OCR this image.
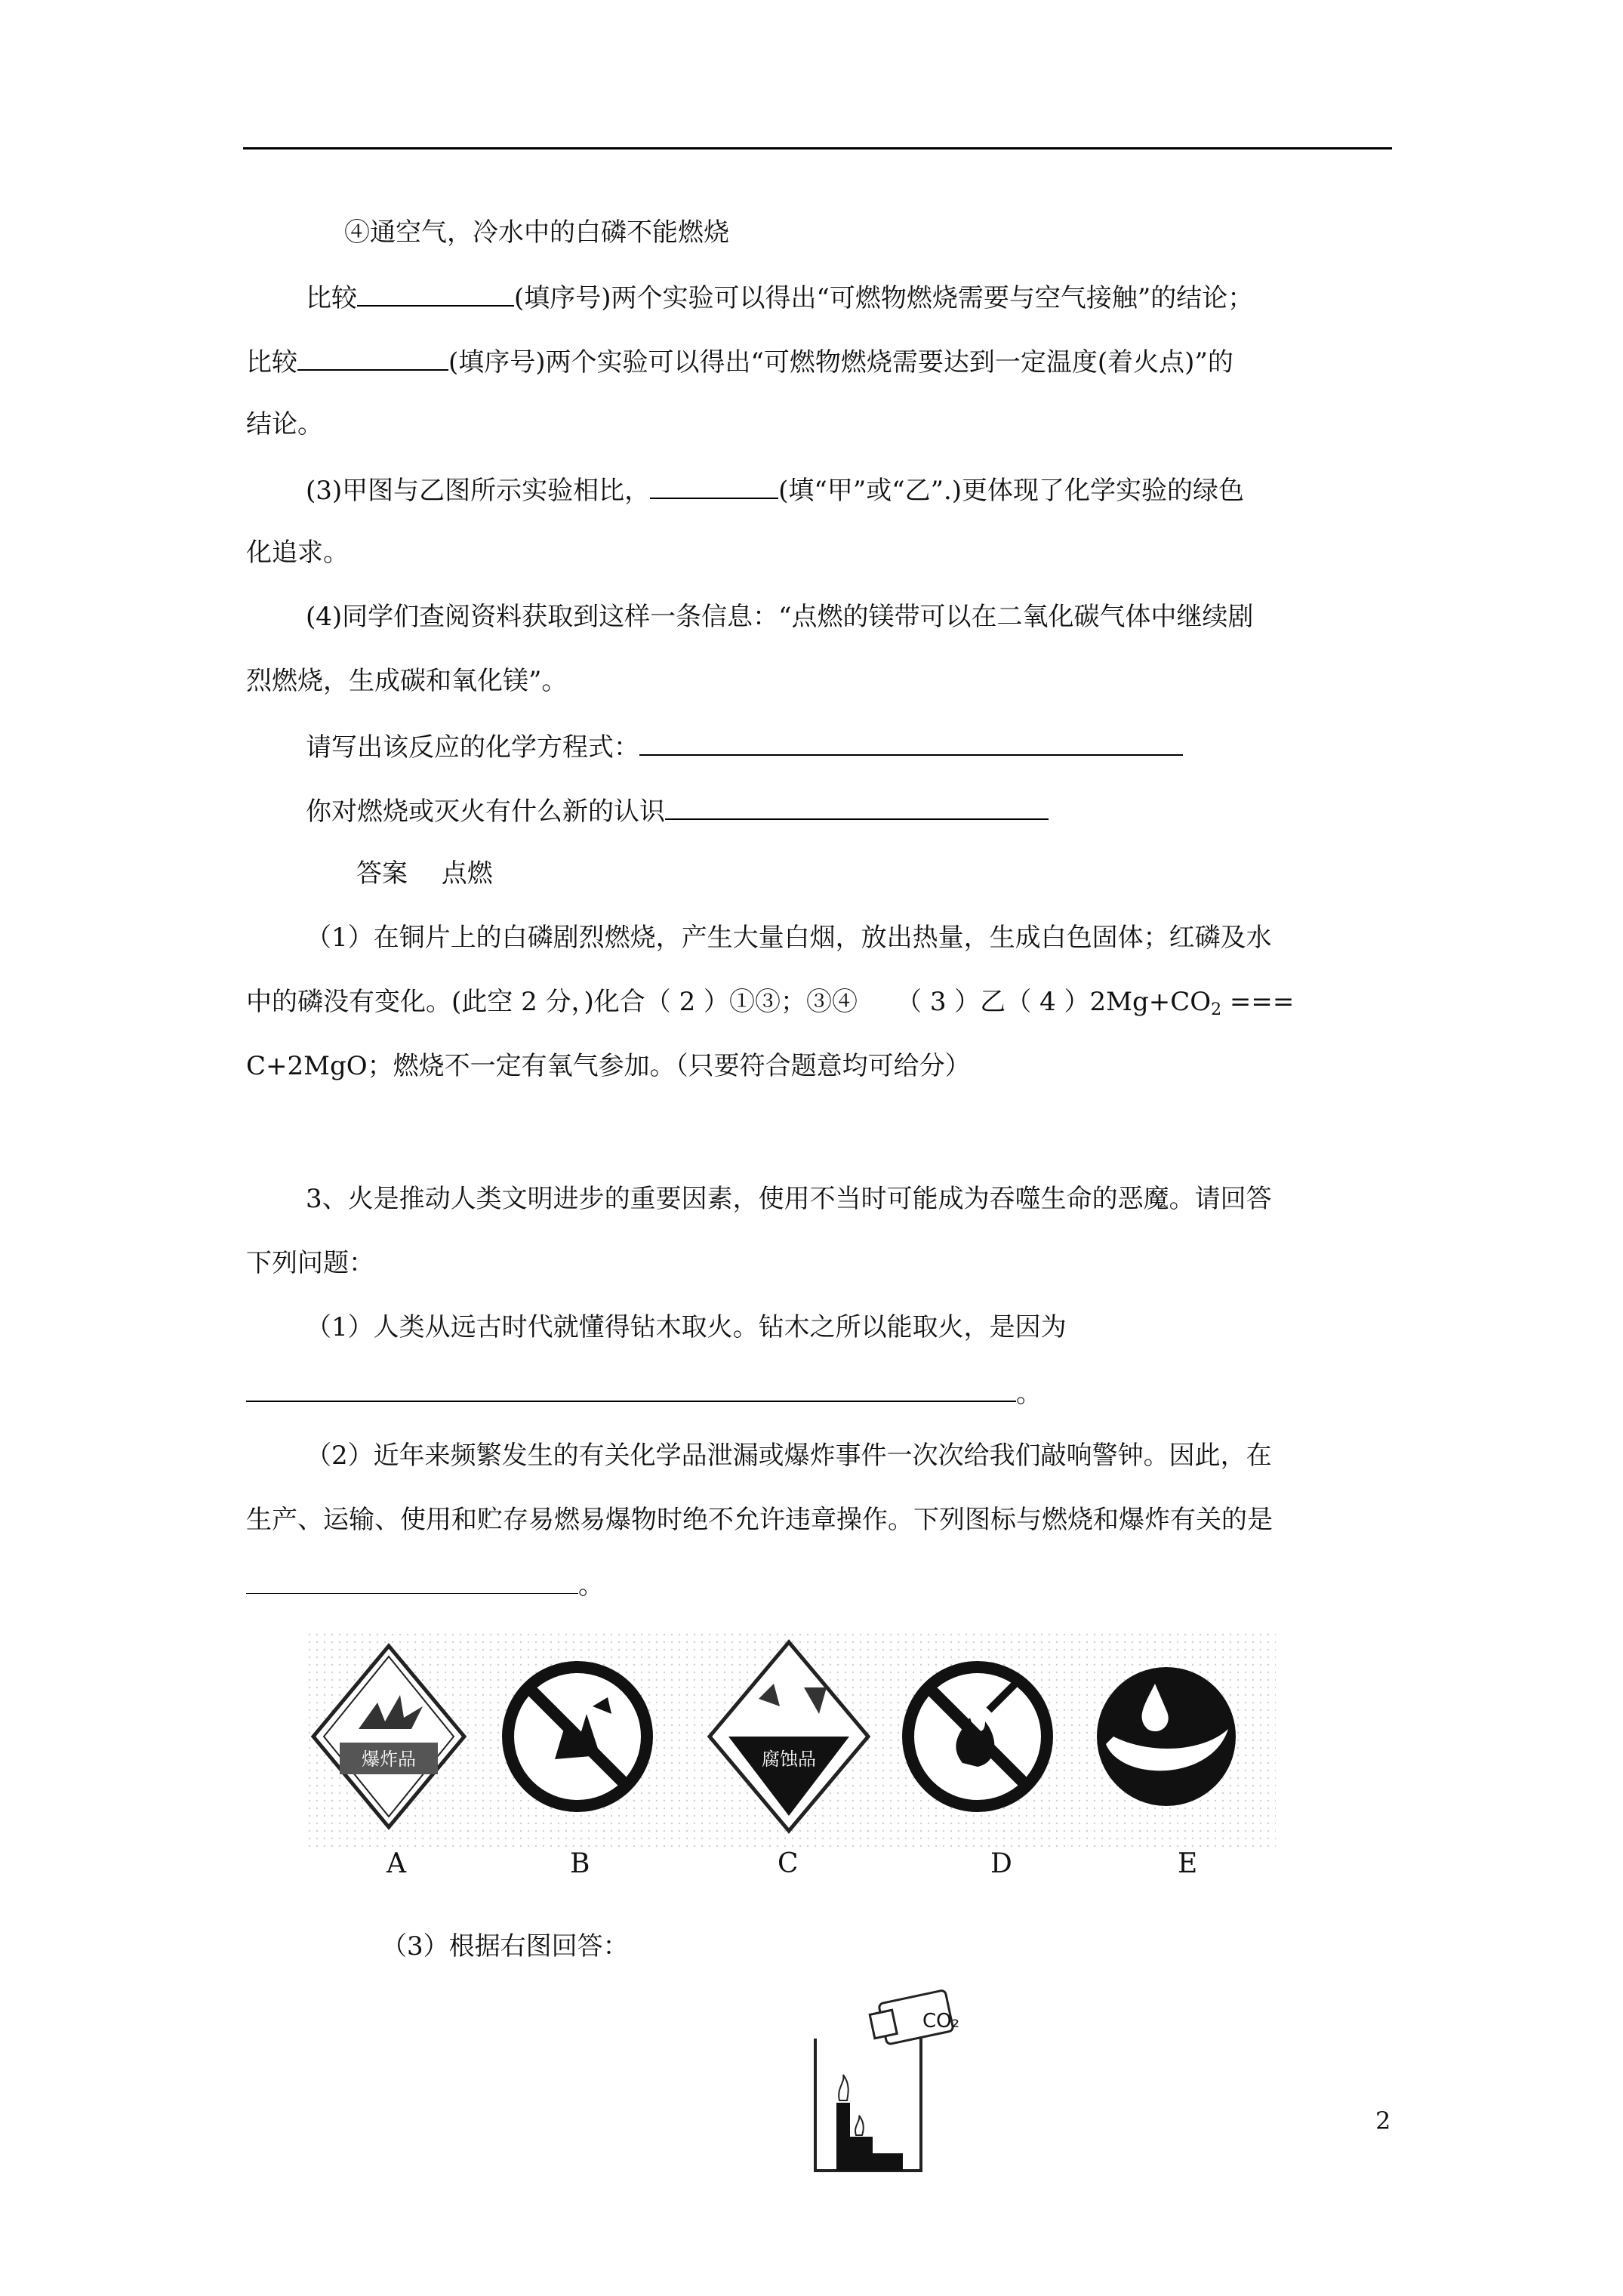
④通空气，冷水中的白磷不能燃烧
比较	(填序号)两个实验可以得出“可燃物燃烧需要与空气接触”的结论；
比较	(填序号)两个实验可以得出“可燃物燃烧需要达到一定温度(着火点)”的
结论。
(3)甲图与乙图所示实验相比，	(填“甲”或“乙”.)更体现了化学实验的绿色
化追求。
(4)同学们查阅资料获取到这样一条信息：“点燃的镁带可以在二氧化碳气体中继续剧
烈燃烧，生成碳和氧化镁”。
请写出该反应的化学方程式：
你对燃烧或灭火有什么新的认识
答案　 点燃
（1）在铜片上的白磷剧烈燃烧，产生大量白烟，放出热量，生成白色固体；红磷及水
中的磷没有变化。(此空 2 分，)化合（ 2 ）①③；③④　　（ 3 ）乙（ 4 ）$2Mg+CO_2$ ===
C+2MgO；燃烧不一定有氧气参加。（只要符合题意均可给分）
3、火是推动人类文明进步的重要因素，使用不当时可能成为吞噬生命的恶魔。请回答
下列问题：
（1）人类从远古时代就懂得钻木取火。钻木之所以能取火，是因为
。
（2）近年来频繁发生的有关化学品泄漏或爆炸事件一次次给我们敲响警钟。因此，在
生产、运输、使用和贮存易燃易爆物时绝不允许违章操作。下列图标与燃烧和爆炸有关的是
。
爆炸品	腐蚀品
A	B	C	D	E
（3）根据右图回答：
CO₂
2
